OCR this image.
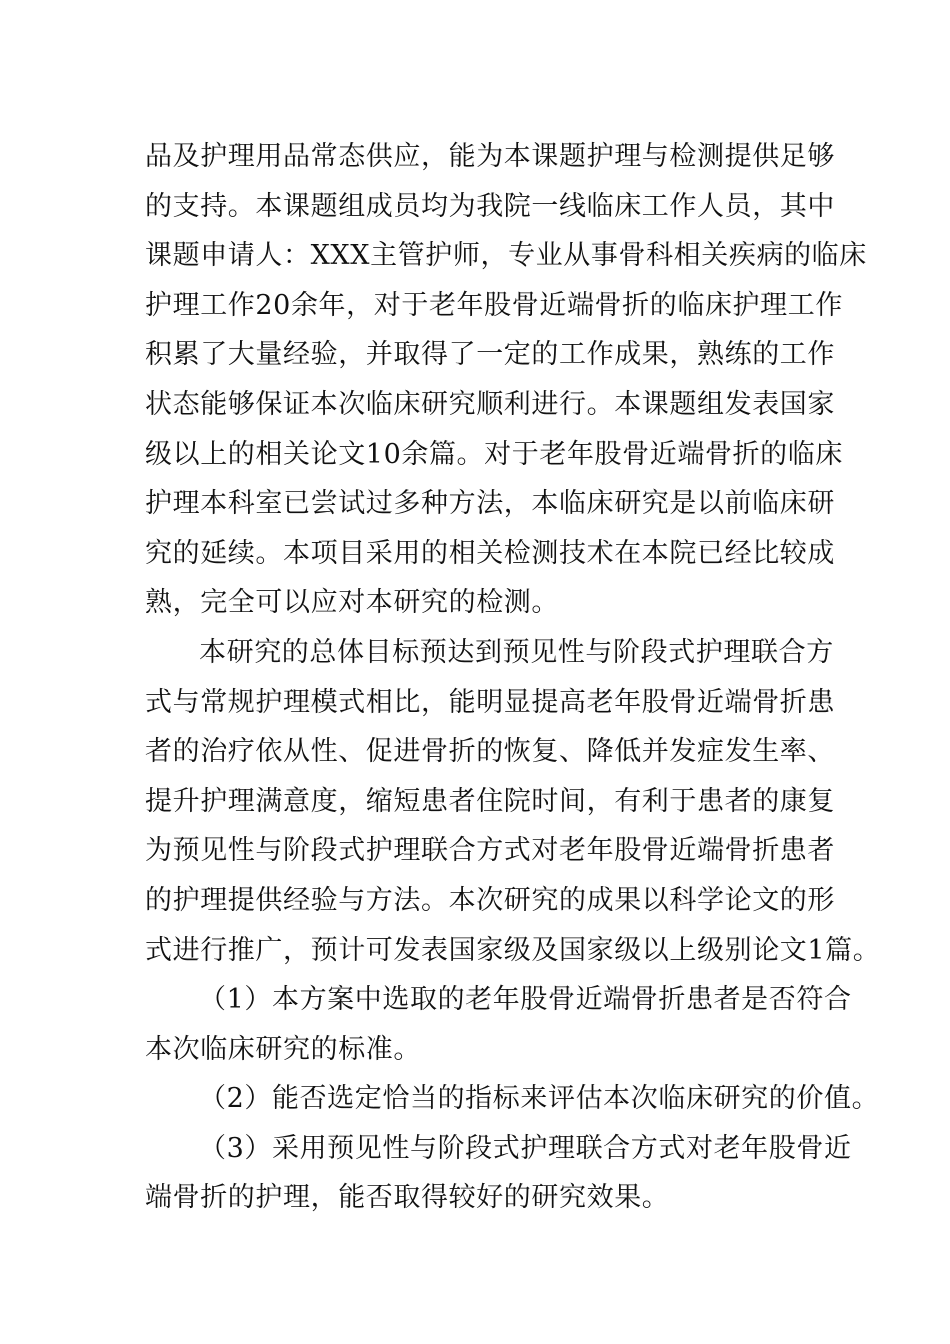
品及护理用品常态供应，能为本课题护理与检测提供足够
的支持。本课题组成员均为我院一线临床工作人员，其中
课题申请人：XXX主管护师，专业从事骨科相关疾病的临床
护理工作20余年，对于老年股骨近端骨折的临床护理工作
积累了大量经验，并取得了一定的工作成果，熟练的工作
状态能够保证本次临床研究顺利进行。本课题组发表国家
级以上的相关论文10余篇。对于老年股骨近端骨折的临床
护理本科室已尝试过多种方法，本临床研究是以前临床研
究的延续。本项目采用的相关检测技术在本院已经比较成
熟，完全可以应对本研究的检测。
本研究的总体目标预达到预见性与阶段式护理联合方
式与常规护理模式相比，能明显提高老年股骨近端骨折患
者的治疗依从性、促进骨折的恢复、降低并发症发生率、
提升护理满意度，缩短患者住院时间，有利于患者的康复
为预见性与阶段式护理联合方式对老年股骨近端骨折患者
的护理提供经验与方法。本次研究的成果以科学论文的形
式进行推广，预计可发表国家级及国家级以上级别论文1篇。
（1）本方案中选取的老年股骨近端骨折患者是否符合
本次临床研究的标准。
（2）能否选定恰当的指标来评估本次临床研究的价值。
（3）采用预见性与阶段式护理联合方式对老年股骨近
端骨折的护理，能否取得较好的研究效果。
